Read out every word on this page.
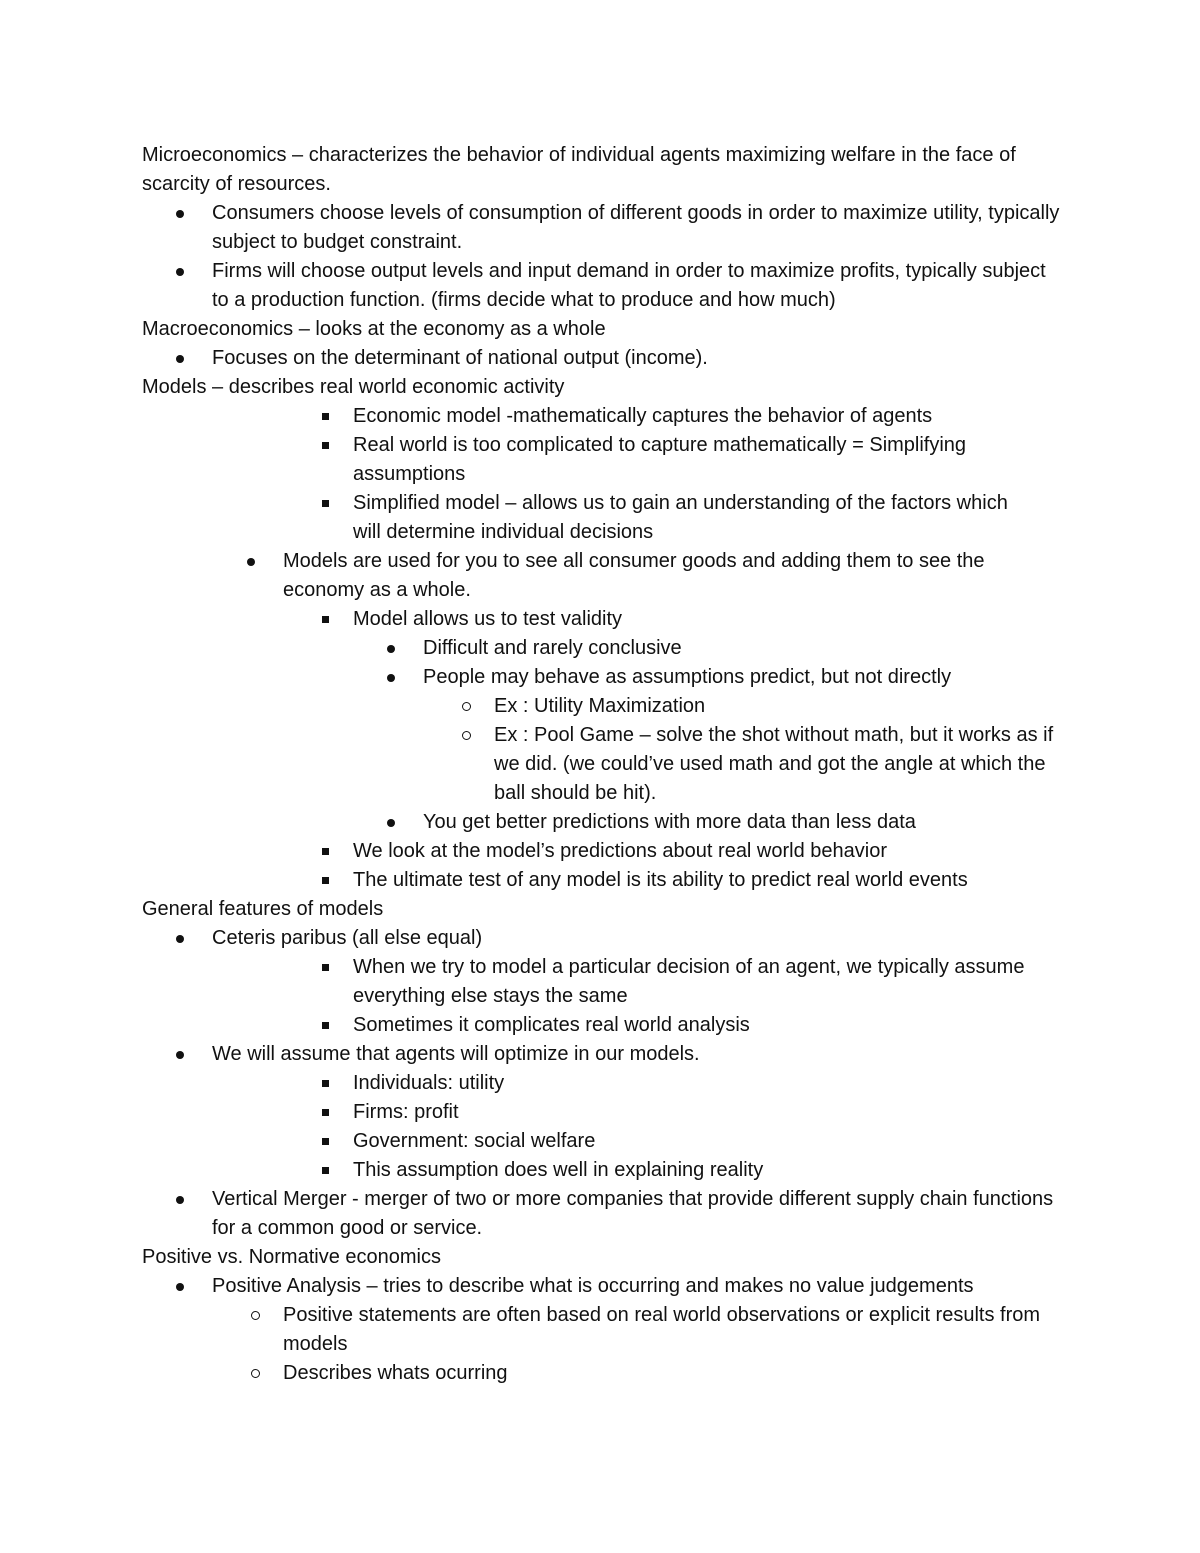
Microeconomics – characterizes the behavior of individual agents maximizing welfare in the face of scarcity of resources.
Consumers choose levels of consumption of different goods in order to maximize utility, typically subject to budget constraint.
Firms will choose output levels and input demand in order to maximize profits, typically subject to a production function. (firms decide what to produce and how much)
Macroeconomics – looks at the economy as a whole
Focuses on the determinant of national output (income).
Models – describes real world economic activity
Economic model -mathematically captures the behavior of agents
Real world is too complicated to capture mathematically = Simplifying assumptions
Simplified model – allows us to gain an understanding of the factors which will determine individual decisions
Models are used for you to see all consumer goods and adding them to see the economy as a whole.
Model allows us to test validity
Difficult and rarely conclusive
People may behave as assumptions predict, but not directly
Ex : Utility Maximization
Ex : Pool Game – solve the shot without math, but it works as if we did. (we could’ve used math and got the angle at which the ball should be hit).
You get better predictions with more data than less data
We look at the model’s predictions about real world behavior
The ultimate test of any model is its ability to predict real world events
General features of models
Ceteris paribus (all else equal)
When we try to model a particular decision of an agent, we typically assume everything else stays the same
Sometimes it complicates real world analysis
We will assume that agents will optimize in our models.
Individuals: utility
Firms: profit
Government: social welfare
This assumption does well in explaining reality
Vertical Merger - merger of two or more companies that provide different supply chain functions for a common good or service.
Positive vs. Normative economics
Positive Analysis – tries to describe what is occurring and makes no value judgements
Positive statements are often based on real world observations or explicit results from models
Describes whats ocurring
